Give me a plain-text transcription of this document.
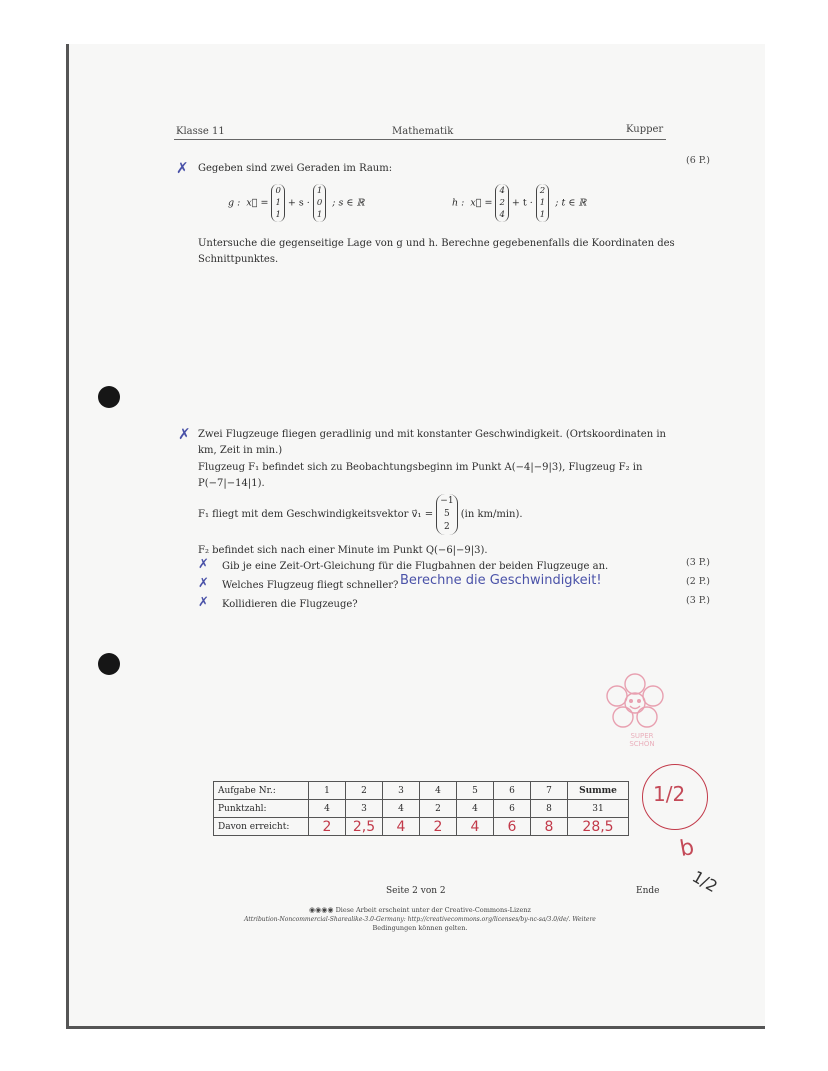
Klasse 11	Mathematik	Kupper
✗ Gegeben sind zwei Geraden im Raum:
(6 P.)
g : x⃗ =
0
1
1
+ s ·
1
0
1
; s ∈ ℝ	h : x⃗ =
4
2
4
+ t ·
2
1
1
; t ∈ ℝ
Untersuche die gegenseitige Lage von g und h. Berechne gegebenenfalls die Koordinaten des
Schnittpunktes.
✗ Zwei Flugzeuge fliegen geradlinig und mit konstanter Geschwindigkeit. (Ortskoordinaten in
km, Zeit in min.)
Flugzeug F₁ befindet sich zu Beobachtungsbeginn im Punkt A(−4|−9|3), Flugzeug F₂ in
P(−7|−14|1).
F₁ fliegt mit dem Geschwindigkeitsvektor v⃗₁ =
−1
5
2
(in km/min).
F₂ befindet sich nach einer Minute im Punkt Q(−6|−9|3).
✗ Gib je eine Zeit-Ort-Gleichung für die Flugbahnen der beiden Flugzeuge an.	(3 P.)
✗ Welches Flugzeug fliegt schneller? Berechne die Geschwindigkeit!	(2 P.)
✗ Kollidieren die Flugzeuge?	(3 P.)
SUPER
SCHÖN
Aufgabe Nr.:	1	2	3	4	5	6	7	Summe
Punktzahl:	4	3	4	2	4	6	8	31
Davon erreicht:	2	2,5	4	2	4	6	8	28,5
1/2
b
1/2
Seite 2 von 2	Ende
◉◉◉◉ Diese Arbeit erscheint unter der Creative-Commons-Lizenz
Attribution-Noncommercial-Sharealike-3.0-Germany: http://creativecommons.org/licenses/by-nc-sa/3.0/de/. Weitere
Bedingungen können gelten.
